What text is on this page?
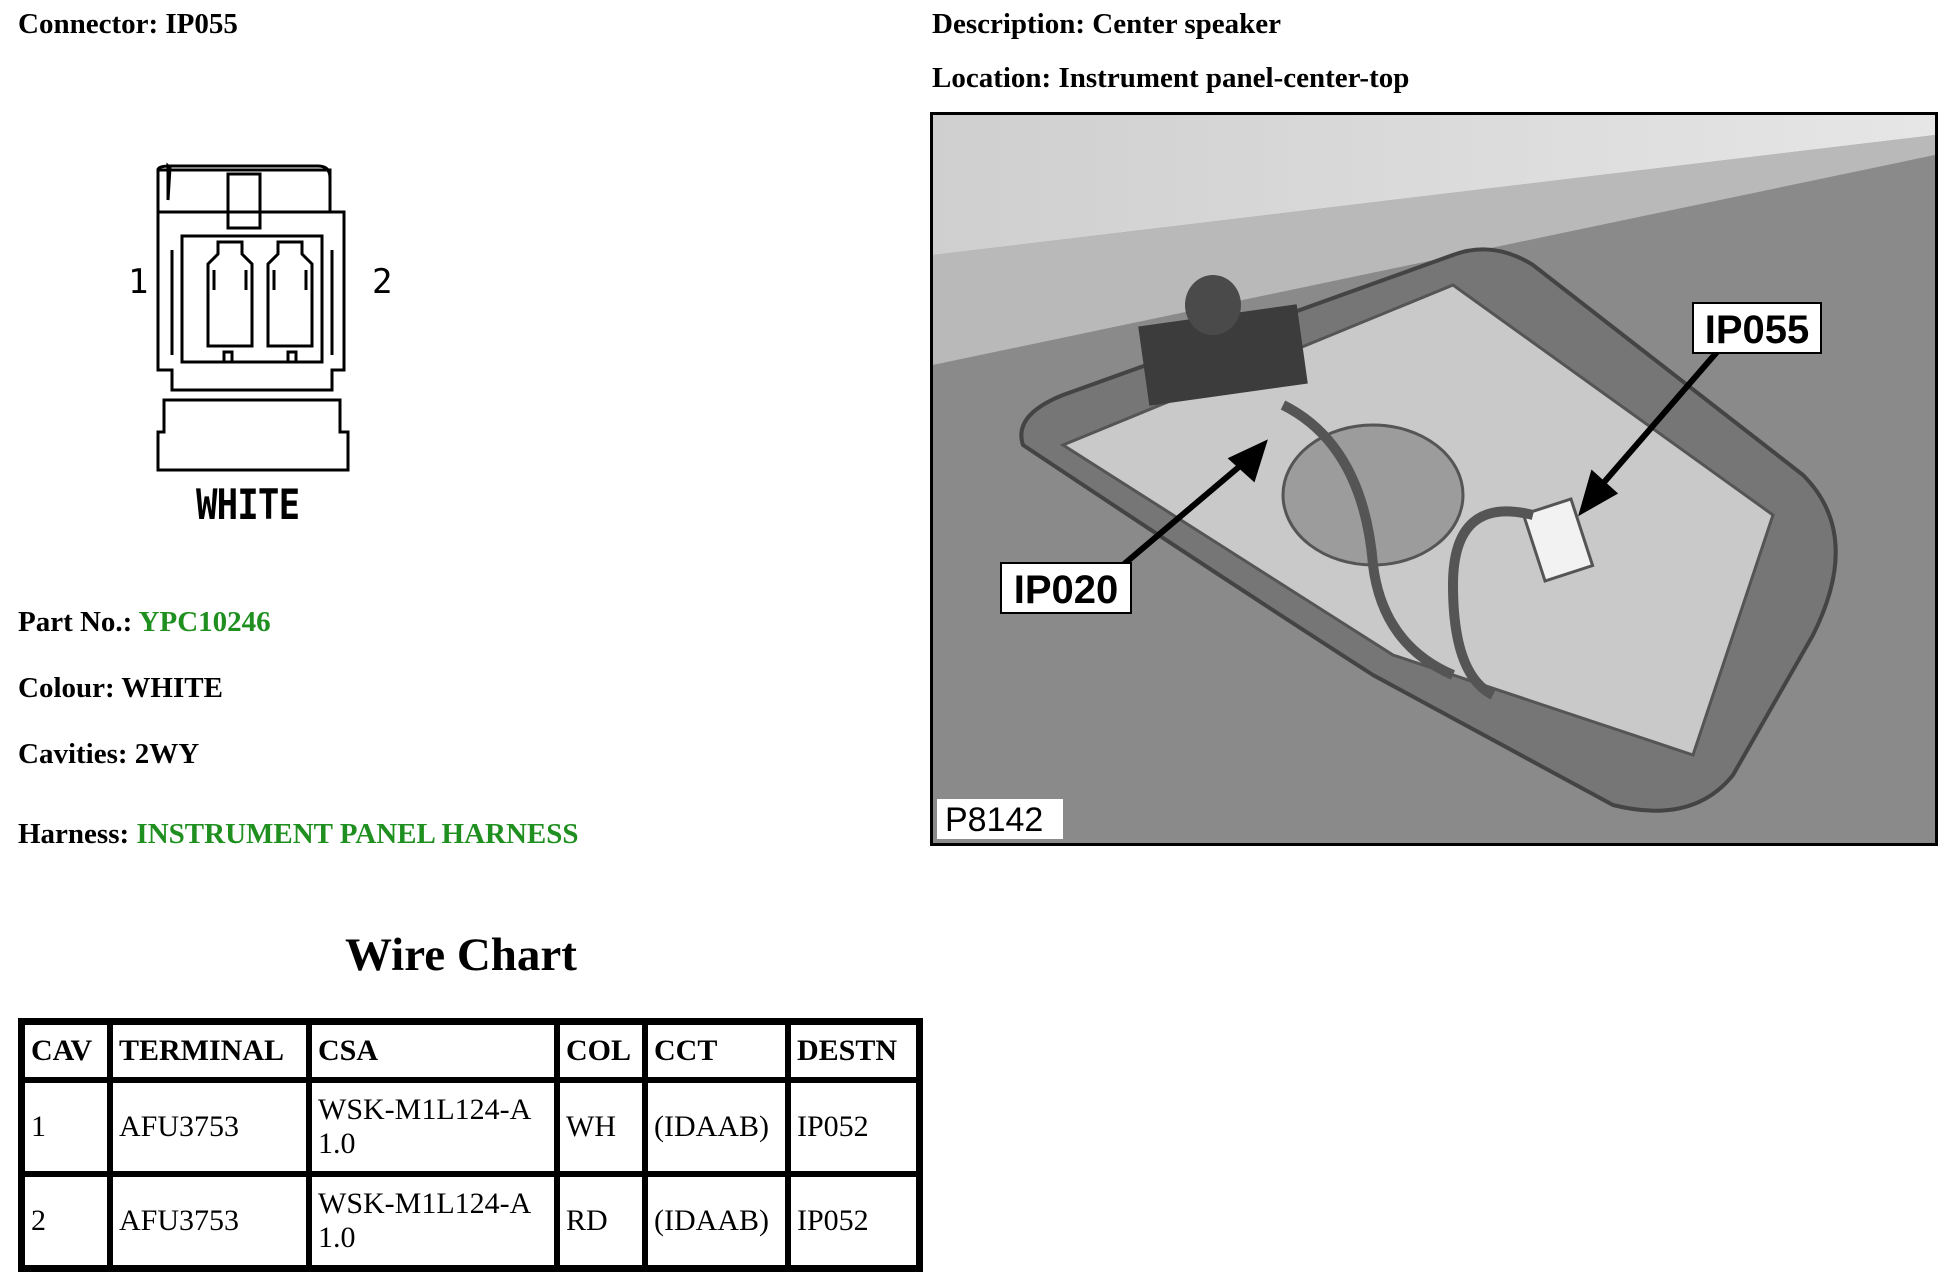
Connector: IP055	Description: Center speaker
Location: Instrument panel-center-top
1	2
WHITE
Part No.: YPC10246
Colour: WHITE
Cavities: 2WY
Harness: INSTRUMENT PANEL HARNESS
Wire Chart
CAV	TERMINAL	CSA	COL	CCT	DESTN
1	AFU3753	WSK-M1L124-A
1.0	WH	(IDAAB)	IP052
2	AFU3753	WSK-M1L124-A
1.0	RD	(IDAAB)	IP052
IP055
IP020
P8142
